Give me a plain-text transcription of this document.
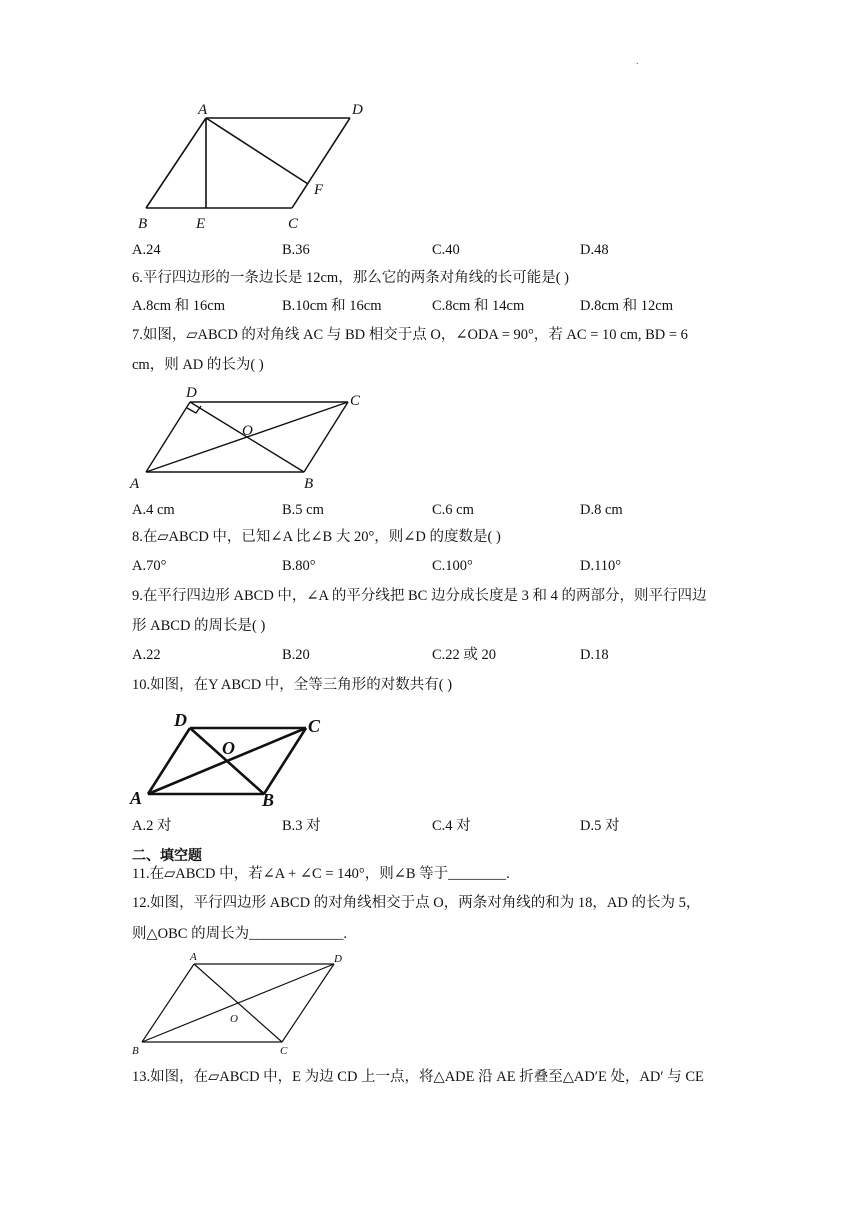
.
A	D
B	E	C
F
A.24	B.36	C.40	D.48
6.平行四边形的一条边长是 12cm，那么它的两条对角线的长可能是( )
A.8cm 和 16cm	B.10cm 和 16cm	C.8cm 和 14cm	D.8cm 和 12cm
7.如图，▱ABCD 的对角线 AC 与 BD 相交于点 O，∠ODA = 90°，若 AC = 10 cm, BD = 6
cm，则 AD 的长为( )
D	C
O
A	B
A.4 cm	B.5 cm	C.6 cm	D.8 cm
8.在▱ABCD 中，已知∠A 比∠B 大 20°，则∠D 的度数是( )
A.70°	B.80°	C.100°	D.110°
9.在平行四边形 ABCD 中，∠A 的平分线把 BC 边分成长度是 3 和 4 的两部分，则平行四边
形 ABCD 的周长是( )
A.22	B.20	C.22 或 20	D.18
10.如图，在Y ABCD 中，全等三角形的对数共有( )
D	C
O
A	B
A.2 对	B.3 对	C.4 对	D.5 对
二、填空题
11.在▱ABCD 中，若∠A + ∠C = 140°，则∠B 等于________.
12.如图，平行四边形 ABCD 的对角线相交于点 O，两条对角线的和为 18，AD 的长为 5，
则△OBC 的周长为_____________.
A	D
O
B	C
13.如图，在▱ABCD 中，E 为边 CD 上一点，将△ADE 沿 AE 折叠至△AD′E 处，AD′ 与 CE
